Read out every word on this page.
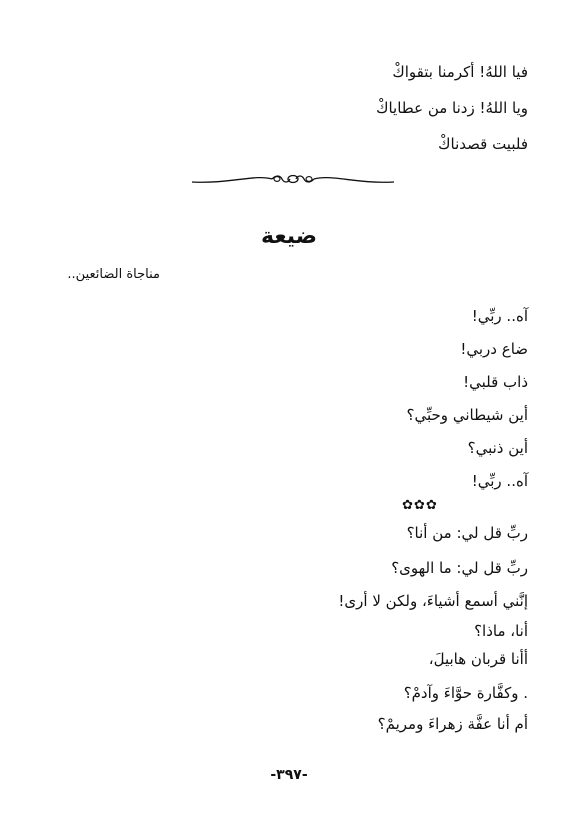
فيا اللهُ! أكرمنا بتقواكْ
ويا اللهُ! زدنا من عطاياكْ
فلبيت قصدناكْ
ضيعة
مناجاة الضائعين..
آه.. ربِّي!
ضاع دربي!
ذاب قلبي!
أين شيطاني وحبِّي؟
أين ذنبي؟
آه.. ربِّي!
✿✿✿
ربِّ قل لي: من أنا؟
ربِّ قل لي: ما الهوى؟
إنَّني أسمع أشياءَ، ولكن لا أرى!
أنا، ماذا؟
أأنا قربان هابيلَ،
. وكفَّارة حوَّاءَ وآدمْ؟
أم أنا عفَّة زهراءَ ومريمْ؟
-٣٩٧-
